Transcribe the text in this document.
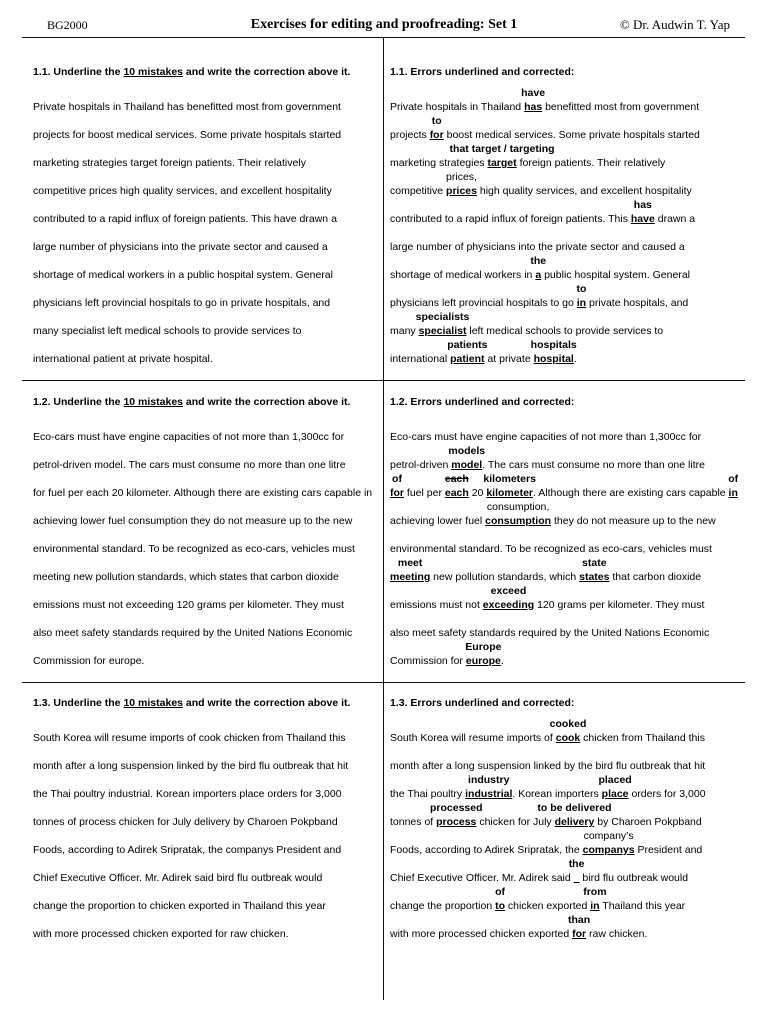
BG2000	Exercises for editing and proofreading: Set 1	© Dr. Audwin T. Yap
1.1. Underline the 10 mistakes and write the correction above it.
Private hospitals in Thailand has benefitted most from government
projects for boost medical services. Some private hospitals started
marketing strategies target foreign patients. Their relatively
competitive prices high quality services, and excellent hospitality
contributed to a rapid influx of foreign patients. This have drawn a
large number of physicians into the private sector and caused a
shortage of medical workers in a public hospital system. General
physicians left provincial hospitals to go in private hospitals, and
many specialist left medical schools to provide services to
international patient at private hospital.
1.1. Errors underlined and corrected:
Private hospitals in Thailand has
have
benefitted most from government
projects for
to
boost medical services. Some private hospitals started
marketing strategies target
that target / targeting
foreign patients. Their relatively
competitive prices
prices,
high quality services, and excellent hospitality
contributed to a rapid influx of foreign patients. This have
has
drawn a
large number of physicians into the private sector and caused a
shortage of medical workers in a
the
public hospital system. General
physicians left provincial hospitals to go in
to
private hospitals, and
many specialist
specialists
left medical schools to provide services to
international patient
patients
at private hospital
hospitals
.
1.2. Underline the 10 mistakes and write the correction above it.
Eco-cars must have engine capacities of not more than 1,300cc for
petrol-driven model. The cars must consume no more than one litre
for fuel per each 20 kilometer. Although there are existing cars capable in
achieving lower fuel consumption they do not measure up to the new
environmental standard. To be recognized as eco-cars, vehicles must
meeting new pollution standards, which states that carbon dioxide
emissions must not exceeding 120 grams per kilometer. They must
also meet safety standards required by the United Nations Economic
Commission for europe.
1.2. Errors underlined and corrected:
Eco-cars must have engine capacities of not more than 1,300cc for
petrol-driven model
models
. The cars must consume no more than one litre
for
of
fuel per each
each
20 kilometer
kilometers
. Although there are existing cars capable in
of
achieving lower fuel consumption
consumption,
they do not measure up to the new
environmental standard. To be recognized as eco-cars, vehicles must
meeting
meet
new pollution standards, which states
state
that carbon dioxide
emissions must not exceeding
exceed
120 grams per kilometer. They must
also meet safety standards required by the United Nations Economic
Commission for europe
Europe
.
1.3. Underline the 10 mistakes and write the correction above it.
South Korea will resume imports of cook chicken from Thailand this
month after a long suspension linked by the bird flu outbreak that hit
the Thai poultry industrial. Korean importers place orders for 3,000
tonnes of process chicken for July delivery by Charoen Pokpband
Foods, according to Adirek Sripratak, the companys President and
Chief Executive Officer. Mr. Adirek said bird flu outbreak would
change the proportion to chicken exported in Thailand this year
with more processed chicken exported for raw chicken.
1.3. Errors underlined and corrected:
South Korea will resume imports of cook
cooked
chicken from Thailand this
month after a long suspension linked by the bird flu outbreak that hit
the Thai poultry industrial
industry
. Korean importers place
placed
orders for 3,000
tonnes of process
processed
chicken for July delivery
to be delivered
by Charoen Pokpband
Foods, according to Adirek Sripratak, the companys
company’s
President and
Chief Executive Officer. Mr. Adirek said _
the
bird flu outbreak would
change the proportion to
of
chicken exported in
from
Thailand this year
with more processed chicken exported for
than
raw chicken.
